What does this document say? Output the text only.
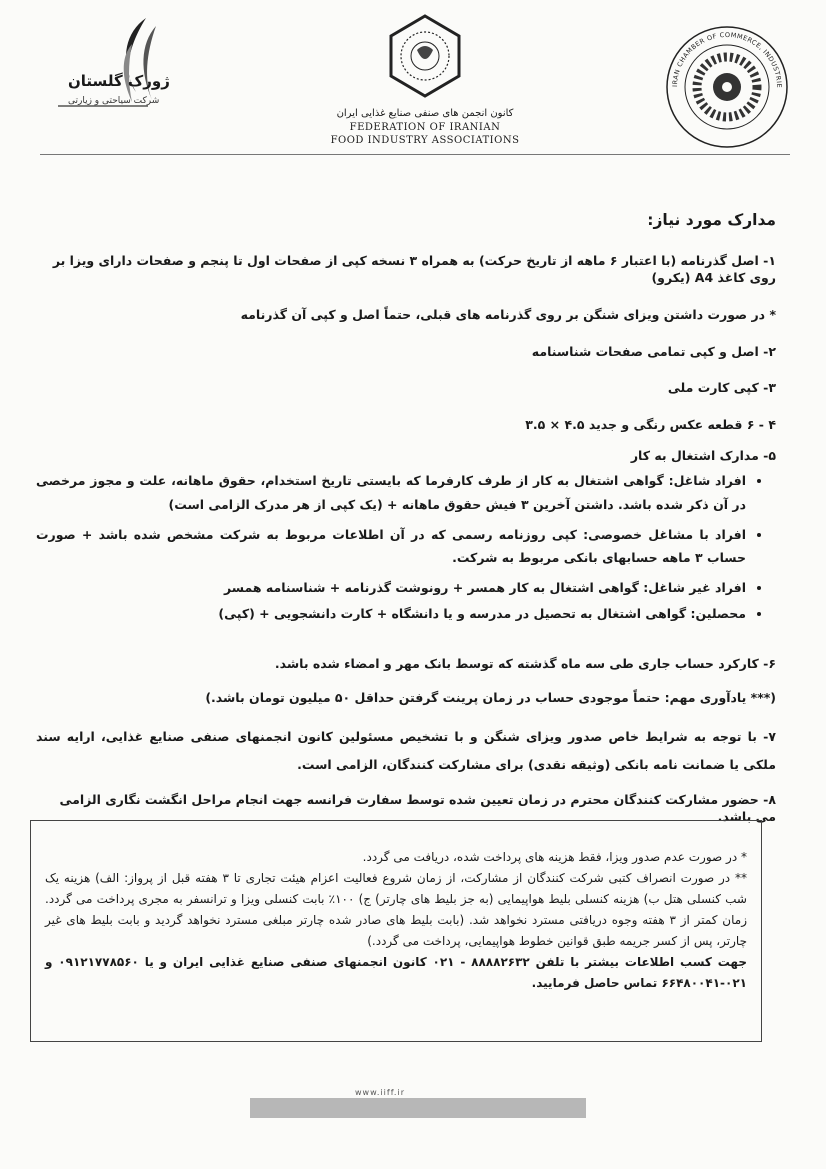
ژورک گلستان
شرکت سیاحتی و زیارتی
کانون انجمن های صنفی صنایع غذایی ایران
FEDERATION OF IRANIAN
FOOD INDUSTRY ASSOCIATIONS
IRAN CHAMBER OF COMMERCE, INDUSTRIE

مدارک مورد نیاز:

۱- اصل گذرنامه (با اعتبار ۶ ماهه از تاریخ حرکت) به همراه ۳ نسخه کپی از صفحات اول تا پنجم و صفحات دارای ویزا بر روی کاغذ A4 (یکرو)

* در صورت داشتن ویزای شنگن بر روی گذرنامه های قبلی، حتماً اصل و کپی آن گذرنامه

۲- اصل و کپی تمامی صفحات شناسنامه

۳- کپی کارت ملی

۴ - ۶ قطعه عکس رنگی و جدید ۴.۵ × ۳.۵

۵- مدارک اشتغال به کار

• افراد شاغل: گواهی اشتغال به کار از طرف کارفرما که بایستی تاریخ استخدام، حقوق ماهانه، علت و مجوز مرخصی در آن ذکر شده باشد. داشتن آخرین ۳ فیش حقوق ماهانه + (یک کپی از هر مدرک الزامی است)
• افراد با مشاغل خصوصی: کپی روزنامه رسمی که در آن اطلاعات مربوط به شرکت مشخص شده باشد + صورت حساب ۳ ماهه حسابهای بانکی مربوط به شرکت.
• افراد غیر شاغل: گواهی اشتغال به کار همسر + رونوشت گذرنامه + شناسنامه همسر
• محصلین: گواهی اشتغال به تحصیل در مدرسه و یا دانشگاه + کارت دانشجویی + (کپی)

۶- کارکرد حساب جاری طی سه ماه گذشته که توسط بانک مهر و امضاء شده باشد.

(*** یادآوری مهم: حتماً موجودی حساب در زمان پرینت گرفتن حداقل ۵۰ میلیون تومان باشد.)

۷- با توجه به شرایط خاص صدور ویزای شنگن و با تشخیص مسئولین کانون انجمنهای صنفی صنایع غذایی، ارایه سند ملکی یا ضمانت نامه بانکی (وثیقه نقدی) برای مشارکت کنندگان، الزامی است.

۸- حضور مشارکت کنندگان محترم در زمان تعیین شده توسط سفارت فرانسه جهت انجام مراحل انگشت نگاری الزامی می باشد.

* در صورت عدم صدور ویزا، فقط هزینه های پرداخت شده، دریافت می گردد.

** در صورت انصراف کتبی شرکت کنندگان از مشارکت، از زمان شروع فعالیت اعزام هیئت تجاری تا ۳ هفته قبل از پرواز: الف) هزینه یک شب کنسلی هتل ب) هزینه کنسلی بلیط هواپیمایی (به جز بلیط های چارتر) ج) ۱۰۰٪ بابت کنسلی ویزا و ترانسفر به مجری پرداخت می گردد. زمان کمتر از ۳ هفته وجوه دریافتی مسترد نخواهد شد. (بابت بلیط های صادر شده چارتر مبلغی مسترد نخواهد گردید و بابت بلیط های غیر چارتر، پس از کسر جریمه طبق قوانین خطوط هواپیمایی، پرداخت می گردد.)

جهت کسب اطلاعات بیشتر با تلفن ۸۸۸۸۲۶۳۲ - ۰۲۱ کانون انجمنهای صنفی صنایع غذایی ایران و یا ۰۹۱۲۱۷۷۸۵۶۰ و ۰۲۱-۶۶۴۸۰۰۴۱ تماس حاصل فرمایید.

www.iiff.ir
